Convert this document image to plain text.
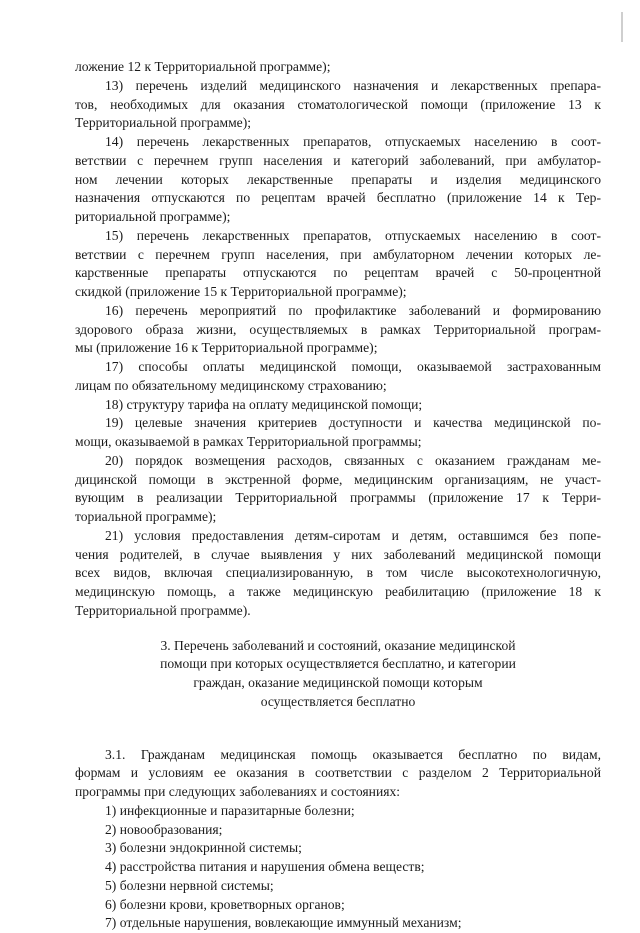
ложение 12 к Территориальной программе);
13) перечень изделий медицинского назначения и лекарственных препара-
тов, необходимых для оказания стоматологической помощи (приложение 13 к
Территориальной программе);
14) перечень лекарственных препаратов, отпускаемых населению в соот-
ветствии с перечнем групп населения и категорий заболеваний, при амбулатор-
ном лечении которых лекарственные препараты и изделия медицинского
назначения отпускаются по рецептам врачей бесплатно (приложение 14 к Тер-
риториальной программе);
15) перечень лекарственных препаратов, отпускаемых населению в соот-
ветствии с перечнем групп населения, при амбулаторном лечении которых ле-
карственные препараты отпускаются по рецептам врачей с 50-процентной
скидкой (приложение 15 к Территориальной программе);
16) перечень мероприятий по профилактике заболеваний и формированию
здорового образа жизни, осуществляемых в рамках Территориальной програм-
мы (приложение 16 к Территориальной программе);
17) способы оплаты медицинской помощи, оказываемой застрахованным
лицам по обязательному медицинскому страхованию;
18) структуру тарифа на оплату медицинской помощи;
19) целевые значения критериев доступности и качества медицинской по-
мощи, оказываемой в рамках Территориальной программы;
20) порядок возмещения расходов, связанных с оказанием гражданам ме-
дицинской помощи в экстренной форме, медицинским организациям, не участ-
вующим в реализации Территориальной программы (приложение 17 к Терри-
ториальной программе);
21) условия предоставления детям-сиротам и детям, оставшимся без попе-
чения родителей, в случае выявления у них заболеваний медицинской помощи
всех видов, включая специализированную, в том числе высокотехнологичную,
медицинскую помощь, а также медицинскую реабилитацию (приложение 18 к
Территориальной программе).
3. Перечень заболеваний и состояний, оказание медицинской
помощи при которых осуществляется бесплатно, и категории
граждан, оказание медицинской помощи которым
осуществляется бесплатно
3.1. Гражданам медицинская помощь оказывается бесплатно по видам,
формам и условиям ее оказания в соответствии с разделом 2 Территориальной
программы при следующих заболеваниях и состояниях:
1) инфекционные и паразитарные болезни;
2) новообразования;
3) болезни эндокринной системы;
4) расстройства питания и нарушения обмена веществ;
5) болезни нервной системы;
6) болезни крови, кроветворных органов;
7) отдельные нарушения, вовлекающие иммунный механизм;
